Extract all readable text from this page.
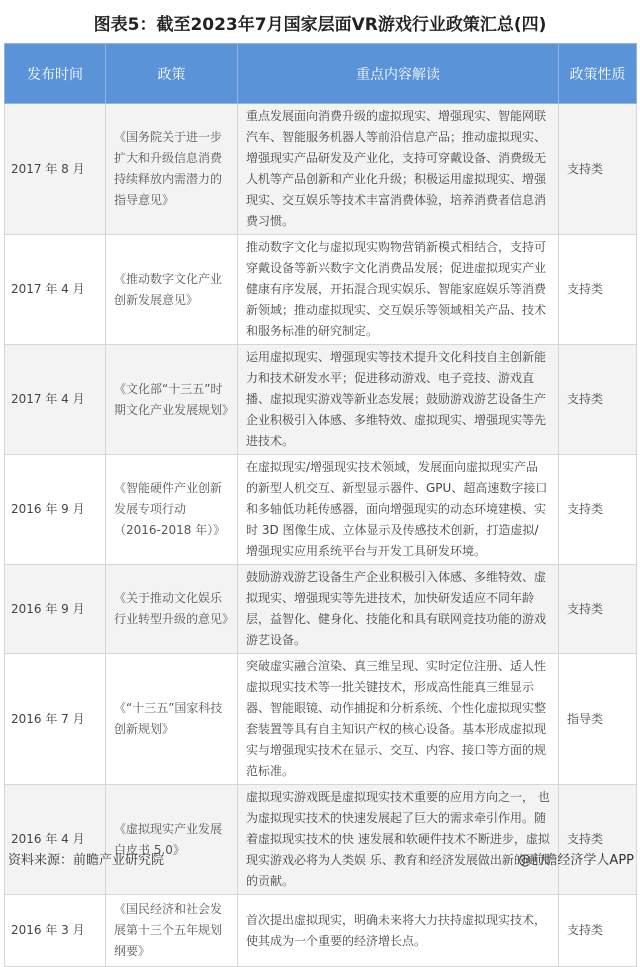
图表5：截至2023年7月国家层面VR游戏行业政策汇总(四)
发布时间	政策	重点内容解读	政策性质
2017 年 8 月	《国务院关于进一步扩大和升级信息消费持续释放内需潜力的指导意见》	重点发展面向消费升级的虚拟现实、增强现实、智能网联汽车、智能服务机器人等前沿信息产品；推动虚拟现实、增强现实产品研发及产业化，支持可穿戴设备、消费级无人机等产品创新和产业化升级；积极运用虚拟现实、增强现实、交互娱乐等技术丰富消费体验，培养消费者信息消费习惯。	支持类
2017 年 4 月	《推动数字文化产业创新发展意见》	推动数字文化与虚拟现实购物营销新模式相结合，支持可穿戴设备等新兴数字文化消费品发展；促进虚拟现实产业健康有序发展，开拓混合现实娱乐、智能家庭娱乐等消费新领域；推动虚拟现实、交互娱乐等领域相关产品、技术和服务标准的研究制定。	支持类
2017 年 4 月	《文化部“十三五”时期文化产业发展规划》	运用虚拟现实、增强现实等技术提升文化科技自主创新能力和技术研发水平；促进移动游戏、电子竞技、游戏直播、虚拟现实游戏等新业态发展；鼓励游戏游艺设备生产企业积极引入体感、多维特效、虚拟现实、增强现实等先进技术。	支持类
2016 年 9 月	《智能硬件产业创新发展专项行动（2016-2018 年）》	在虚拟现实/增强现实技术领域，发展面向虚拟现实产品的新型人机交互、新型显示器件、GPU、超高速数字接口和多轴低功耗传感器，面向增强现实的动态环境建模、实时 3D 图像生成、立体显示及传感技术创新，打造虚拟/增强现实应用系统平台与开发工具研发环境。	支持类
2016 年 9 月	《关于推动文化娱乐行业转型升级的意见》	鼓励游戏游艺设备生产企业积极引入体感、多维特效、虚拟现实、增强现实等先进技术，加快研发适应不同年龄层，益智化、健身化、技能化和具有联网竞技功能的游戏游艺设备。	支持类
2016 年 7 月	《“十三五”国家科技创新规划》	突破虚实融合渲染、真三维呈现、实时定位注册、适人性虚拟现实技术等一批关键技术，形成高性能真三维显示器、智能眼镜、动作捕捉和分析系统、个性化虚拟现实整套装置等具有自主知识产权的核心设备。基本形成虚拟现实与增强现实技术在显示、交互、内容、接口等方面的规范标准。	指导类
2016 年 4 月	《虚拟现实产业发展白皮书 5.0》	虚拟现实游戏既是虚拟现实技术重要的应用方向之一， 也为虚拟现实技术的快速发展起了巨大的需求牵引作用。随着虚拟现实技术的快 速发展和软硬件技术不断进步，虚拟现实游戏必将为人类娱 乐、教育和经济发展做出新的更大的贡献。	支持类
2016 年 3 月	《国民经济和社会发展第十三个五年规划纲要》	首次提出虚拟现实，明确未来将大力扶持虚拟现实技术，使其成为一个重要的经济增长点。	支持类
资料来源：前瞻产业研究院	@前瞻经济学人APP
